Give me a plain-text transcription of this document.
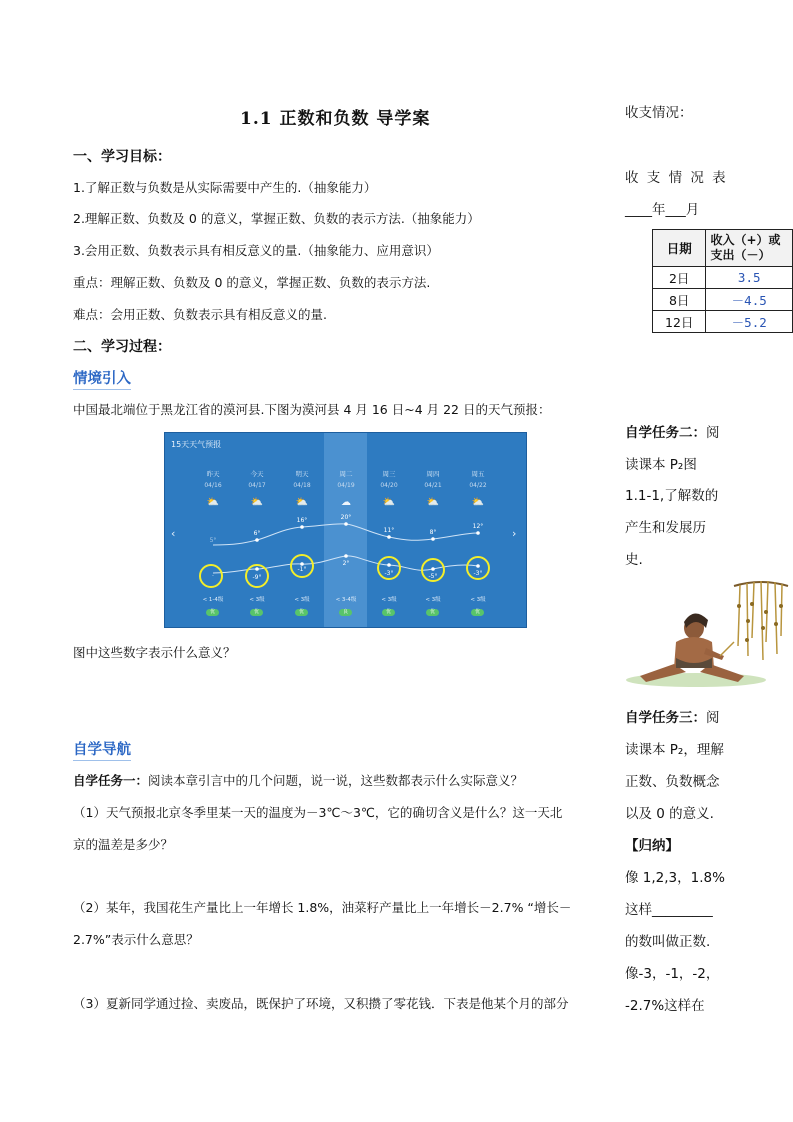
1.1 正数和负数 导学案
一、学习目标：
1.了解正数与负数是从实际需要中产生的.（抽象能力）
2.理解正数、负数及 0 的意义，掌握正数、负数的表示方法.（抽象能力）
3.会用正数、负数表示具有相反意义的量.（抽象能力、应用意识）
重点：理解正数、负数及 0 的意义，掌握正数、负数的表示方法.
难点：会用正数、负数表示具有相反意义的量.
二、学习过程：
情境引入
中国最北端位于黑龙江省的漠河县.下图为漠河县 4 月 16 日~4 月 22 日的天气预报：
15天天气预报
‹	›
昨天	今天	明天	周二	周三	周四	周五
04/16	04/17	04/18	04/19	04/20	04/21	04/22
⛅	⛅	⛅	☁	⛅	⛅	⛅
5°
6°
16°	20°
11°	8°
12°
-	-9°
-1°
2°
-3°	-5°	-3°
< 1-4级	< 3级	< 3级	< 3-4级	< 3级	< 3级	< 3级
优	优	优	良	优	优	优
图中这些数字表示什么意义？
自学导航
自学任务一：阅读本章引言中的几个问题，说一说，这些数都表示什么实际意义？
（1）天气预报北京冬季里某一天的温度为－3℃～3℃，它的确切含义是什么？这一天北
京的温差是多少？
（2）某年，我国花生产量比上一年增长 1.8%，油菜籽产量比上一年增长－2.7% “增长－
2.7%”表示什么意思？
（3）夏新同学通过捡、卖废品，既保护了环境，又积攒了零花钱．下表是他某个月的部分
收支情况：
收 支 情 况 表
____年___月
日期	收入（+）或支出（－）
2日	3.5
8日	－4.5
12日	－5.2
自学任务二：阅
读课本 P₂图
1.1-1,了解数的
产生和发展历
史.
自学任务三：阅
读课本 P₂，理解
正数、负数概念
以及 0 的意义.
【归纳】
像 1,2,3，1.8%
这样_________
的数叫做正数.
像-3，-1，-2，
-2.7%这样在
